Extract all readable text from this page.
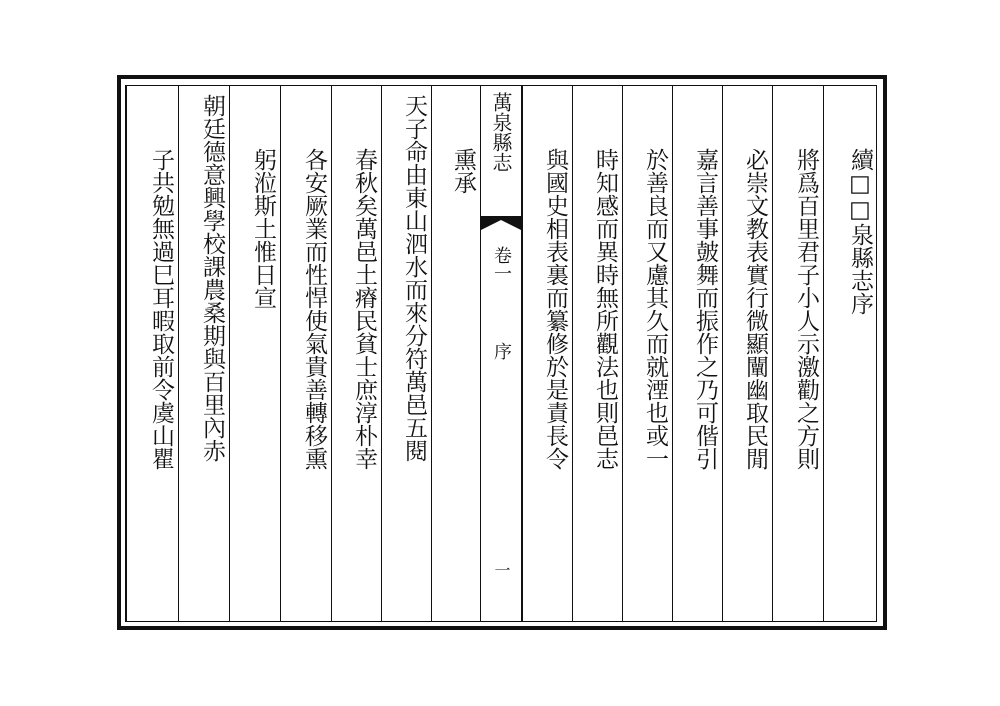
續□□泉縣志序
將爲百里君子小人示激勸之方則
必崇文教表實行微顯闡幽取民閒
嘉言善事皷舞而振作之乃可偕引
於善良而又慮其久而就湮也或一
時知感而異時無所觀法也則邑志
與國史相表裏而纂修於是責長令
萬泉縣志
卷一
序
一
熏承
天子命由東山泗水而來分符萬邑五閱
春秋矣萬邑土瘠民貧士庶淳朴幸
各安厥業而性悍使氣貴善轉移熏
躬涖斯土惟日宣
朝廷德意興學校課農桑期與百里內赤
子共勉無過巳耳暇取前令虞山瞿
